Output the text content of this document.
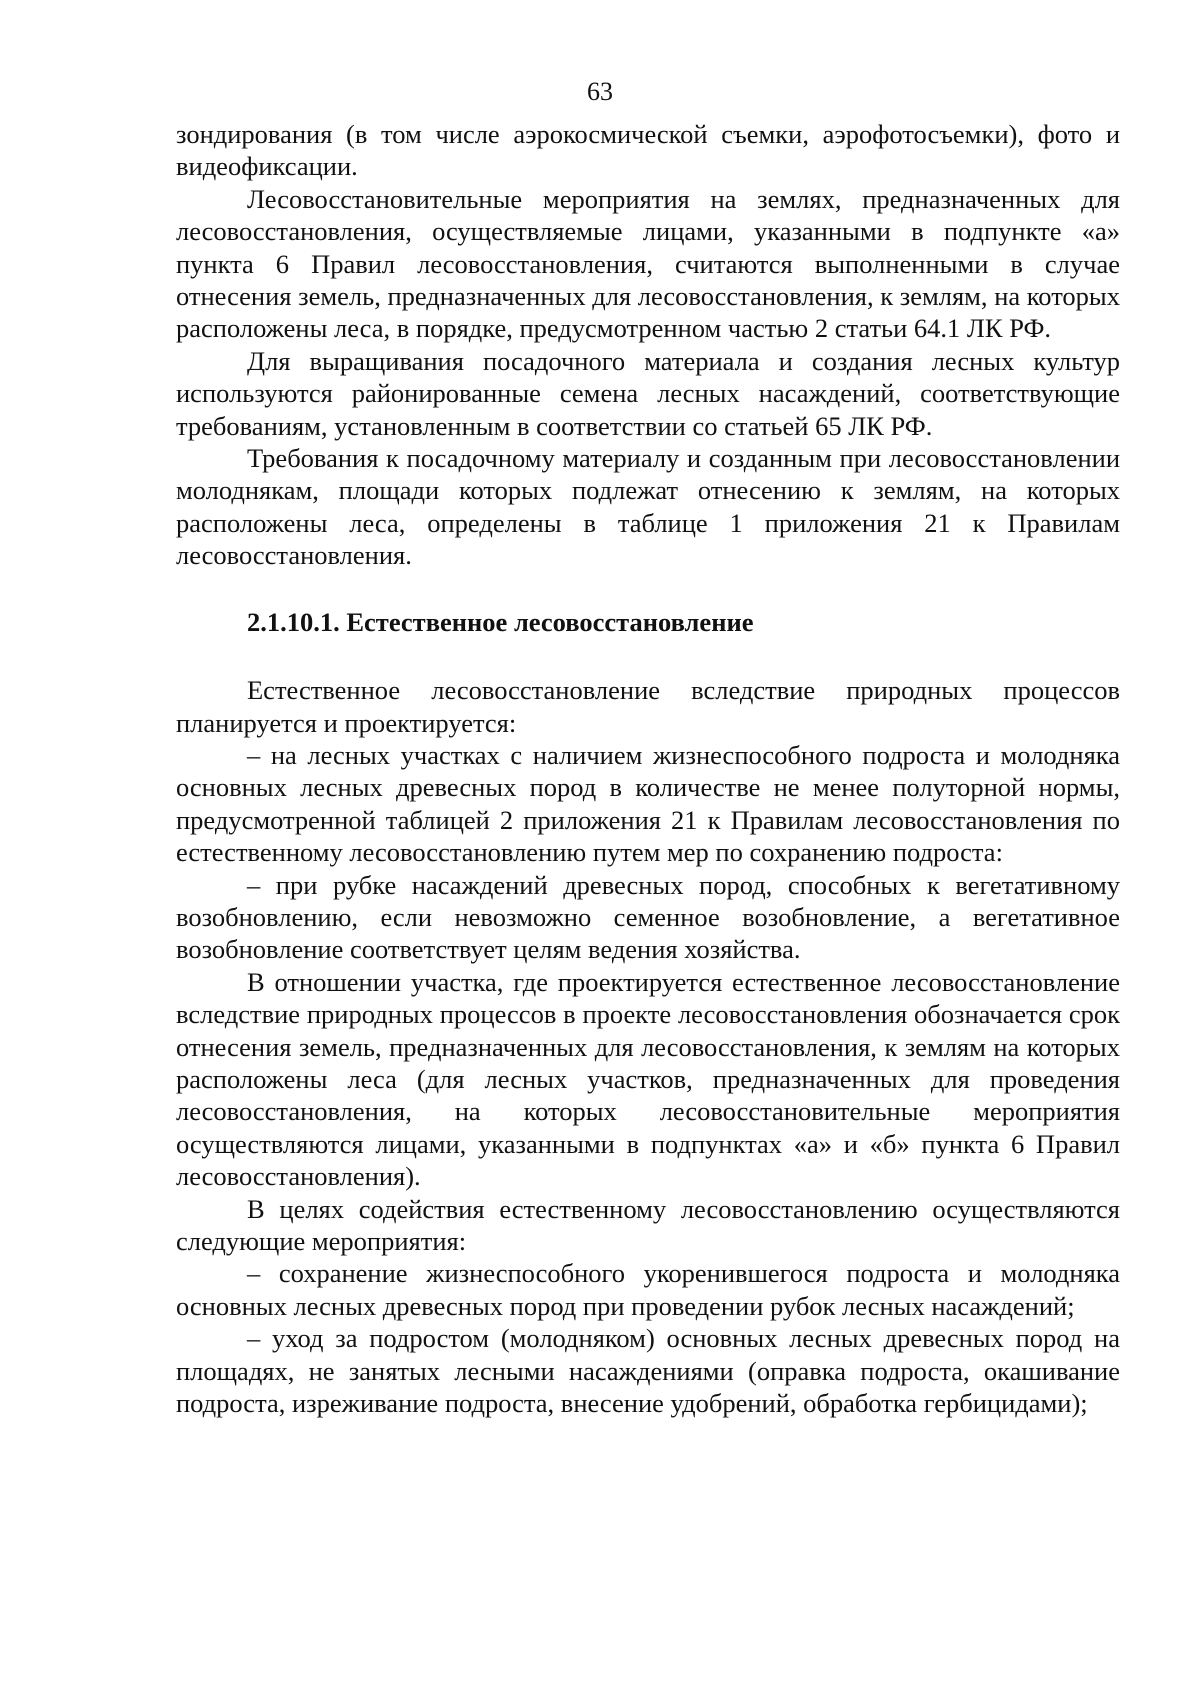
63

зондирования (в том числе аэрокосмической съемки, аэрофотосъемки), фото и видеофиксации.

Лесовосстановительные мероприятия на землях, предназначенных для лесовосстановления, осуществляемые лицами, указанными в подпункте «а» пункта 6 Правил лесовосстановления, считаются выполненными в случае отнесения земель, предназначенных для лесовосстановления, к землям, на которых расположены леса, в порядке, предусмотренном частью 2 статьи 64.1 ЛК РФ.

Для выращивания посадочного материала и создания лесных культур используются районированные семена лесных насаждений, соответствующие требованиям, установленным в соответствии со статьей 65 ЛК РФ.

Требования к посадочному материалу и созданным при лесовосстановлении молоднякам, площади которых подлежат отнесению к землям, на которых расположены леса, определены в таблице 1 приложения 21 к Правилам лесовосстановления.

2.1.10.1. Естественное лесовосстановление

Естественное лесовосстановление вследствие природных процессов планируется и проектируется:

– на лесных участках с наличием жизнеспособного подроста и молодняка основных лесных древесных пород в количестве не менее полуторной нормы, предусмотренной таблицей 2 приложения 21 к Правилам лесовосстановления по естественному лесовосстановлению путем мер по сохранению подроста:

– при рубке насаждений древесных пород, способных к вегетативному возобновлению, если невозможно семенное возобновление, а вегетативное возобновление соответствует целям ведения хозяйства.

В отношении участка, где проектируется естественное лесовосстановление вследствие природных процессов в проекте лесовосстановления обозначается срок отнесения земель, предназначенных для лесовосстановления, к землям на которых расположены леса (для лесных участков, предназначенных для проведения лесовосстановления, на которых лесовосстановительные мероприятия осуществляются лицами, указанными в подпунктах «а» и «б» пункта 6 Правил лесовосстановления).

В целях содействия естественному лесовосстановлению осуществляются следующие мероприятия:

– сохранение жизнеспособного укоренившегося подроста и молодняка основных лесных древесных пород при проведении рубок лесных насаждений;

– уход за подростом (молодняком) основных лесных древесных пород на площадях, не занятых лесными насаждениями (оправка подроста, окашивание подроста, изреживание подроста, внесение удобрений, обработка гербицидами);
